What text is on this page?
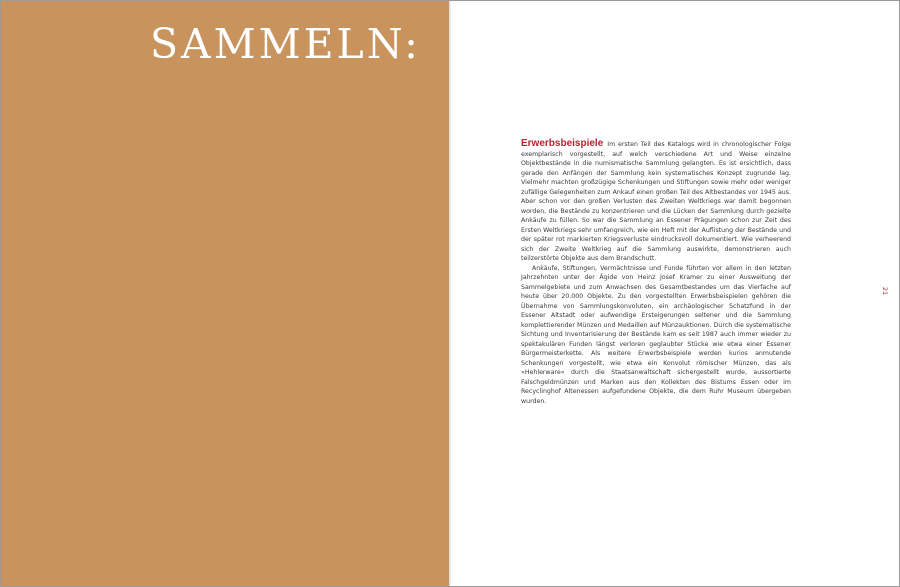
SAMMELN:

Erwerbsbeispiele Im ersten Teil des Katalogs wird in chronologischer Folge exemplarisch vorgestellt, auf welch verschiedene Art und Weise einzelne Objektbestände in die numismatische Sammlung gelangten. Es ist ersichtlich, dass gerade den Anfängen der Sammlung kein systematisches Konzept zugrunde lag. Vielmehr machten großzügige Schenkungen und Stiftungen sowie mehr oder weniger zufällige Gelegenheiten zum Ankauf einen großen Teil des Altbestandes vor 1945 aus. Aber schon vor den großen Verlusten des Zweiten Weltkriegs war damit begonnen worden, die Bestände zu konzentrieren und die Lücken der Sammlung durch gezielte Ankäufe zu füllen. So war die Sammlung an Essener Prägungen schon zur Zeit des Ersten Weltkriegs sehr umfangreich, wie ein Heft mit der Auflistung der Bestände und der später rot markierten Kriegsverluste eindrucksvoll dokumentiert. Wie verheerend sich der Zweite Weltkrieg auf die Sammlung auswirkte, demonstrieren auch teilzerstörte Objekte aus dem Brandschutt.

Ankäufe, Stiftungen, Vermächtnisse und Funde führten vor allem in den letzten Jahrzehnten unter der Ägide von Heinz Josef Kramer zu einer Ausweitung der Sammelgebiete und zum Anwachsen des Gesamtbestandes um das Vierfache auf heute über 20.000 Objekte. Zu den vorgestellten Erwerbsbeispielen gehören die Übernahme von Sammlungskonvoluten, ein archäologischer Schatzfund in der Essener Altstadt oder aufwendige Ersteigerungen seltener und die Sammlung komplettierender Münzen und Medaillen auf Münzauktionen. Durch die systematische Sichtung und Inventarisierung der Bestände kam es seit 1987 auch immer wieder zu spektakulären Funden längst verloren geglaubter Stücke wie etwa einer Essener Bürgermeisterkette. Als weitere Erwerbsbeispiele werden kurios anmutende Schenkungen vorgestellt, wie etwa ein Konvolut römischer Münzen, das als »Hehlerware« durch die Staatsanwaltschaft sichergestellt wurde, aussortierte Falschgeldmünzen und Marken aus den Kollekten des Bistums Essen oder im Recyclinghof Altenessen aufgefundene Objekte, die dem Ruhr Museum übergeben wurden.

21
